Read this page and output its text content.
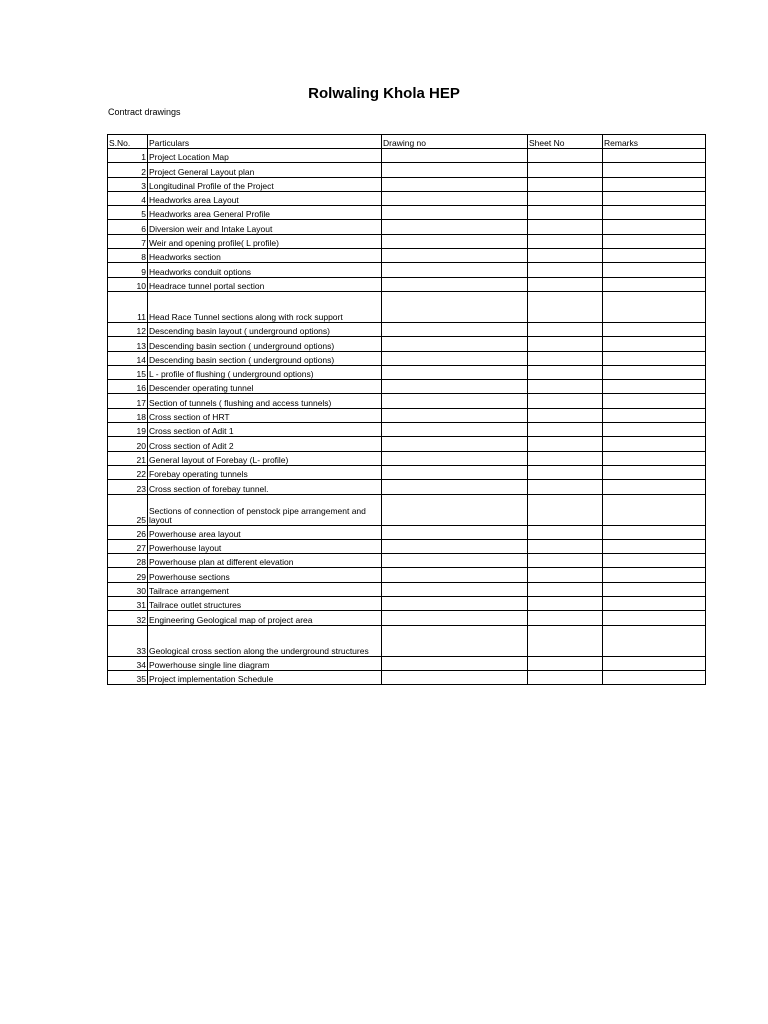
Rolwaling Khola HEP
Contract drawings
S.No.	Particulars	Drawing no	Sheet No	Remarks
1	Project Location Map			
2	Project General Layout plan			
3	Longitudinal Profile of the Project			
4	Headworks area Layout			
5	Headworks area General Profile			
6	Diversion weir and Intake Layout			
7	Weir and opening profile( L profile)			
8	Headworks section			
9	Headworks conduit options			
10	Headrace tunnel portal section			
11	Head Race Tunnel sections along with rock support			
12	Descending basin layout ( underground options)			
13	Descending basin section ( underground options)			
14	Descending basin section ( underground options)			
15	L - profile of flushing ( underground options)			
16	Descender operating tunnel			
17	Section of tunnels ( flushing and access tunnels)			
18	Cross section of HRT			
19	Cross section of Adit 1			
20	Cross section of Adit 2			
21	General layout of Forebay (L- profile)			
22	Forebay operating tunnels			
23	Cross section of forebay tunnel.			
25	Sections of connection of penstock pipe arrangement and layout			
26	Powerhouse area layout			
27	Powerhouse layout			
28	Powerhouse plan at different elevation			
29	Powerhouse sections			
30	Tailrace arrangement			
31	Tailrace outlet structures			
32	Engineering Geological map of project area			
33	Geological cross section along the underground structures			
34	Powerhouse single line diagram			
35	Project implementation Schedule			
